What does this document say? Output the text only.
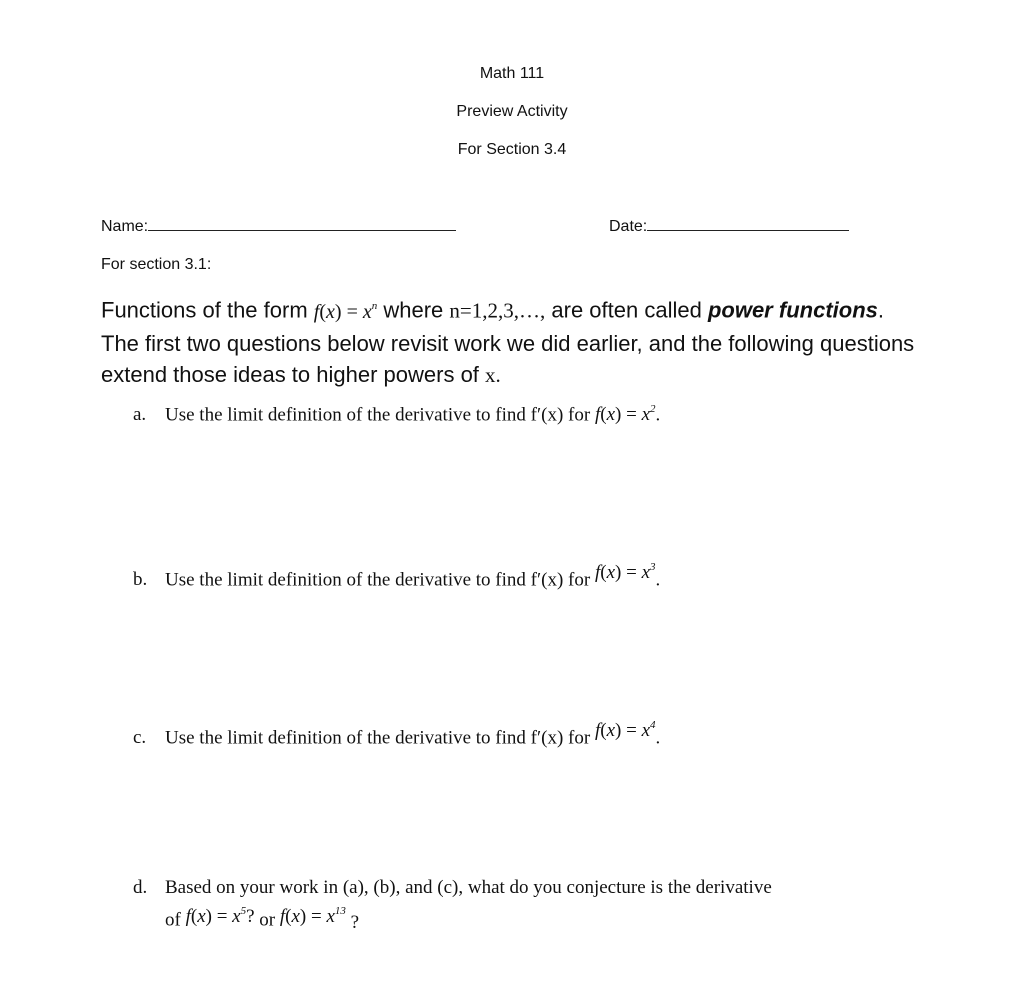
Math 111
Preview Activity
For Section 3.4
Name:	Date:
For section 3.1:
Functions of the form $f(x) = x^n$ where n=1,2,3,…, are often called power functions. The first two questions below revisit work we did earlier, and the following questions extend those ideas to higher powers of x.
a. Use the limit definition of the derivative to find f′(x) for $f(x) = x^2$.
b. Use the limit definition of the derivative to find f′(x) for $f(x) = x^3$.
c. Use the limit definition of the derivative to find f′(x) for $f(x) = x^4$.
d. Based on your work in (a), (b), and (c), what do you conjecture is the derivative
of $f(x) = x^5$? or $f(x) = x^{13}$ ?
